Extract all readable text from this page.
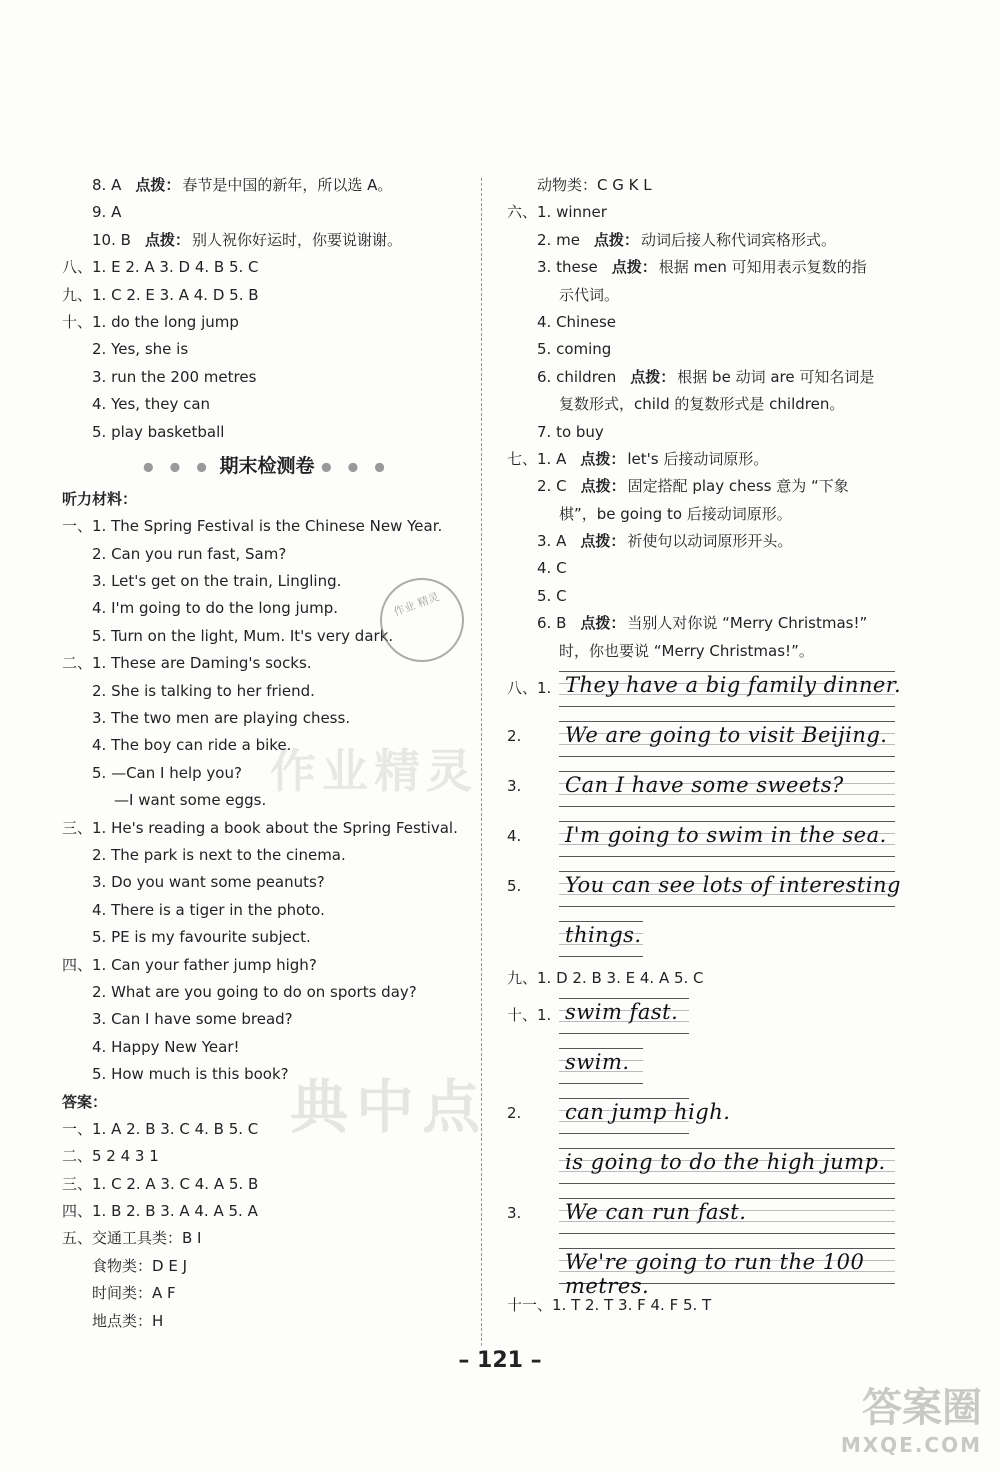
8. A 点拨： 春节是中国的新年，所以选 A。
9. A
10. B 点拨： 别人祝你好运时，你要说谢谢。
八、1. E 2. A 3. D 4. B 5. C
九、1. C 2. E 3. A 4. D 5. B
十、1. do the long jump
2. Yes, she is
3. run the 200 metres
4. Yes, they can
5. play basketball
● ● ● 期末检测卷 ● ● ●
听力材料：
一、1. The Spring Festival is the Chinese New Year.
2. Can you run fast, Sam?
3. Let's get on the train, Lingling.
4. I'm going to do the long jump.
5. Turn on the light, Mum. It's very dark.
二、1. These are Daming's socks.
2. She is talking to her friend.
3. The two men are playing chess.
4. The boy can ride a bike.
5. —Can I help you?
—I want some eggs.
三、1. He's reading a book about the Spring Festival.
2. The park is next to the cinema.
3. Do you want some peanuts?
4. There is a tiger in the photo.
5. PE is my favourite subject.
四、1. Can your father jump high?
2. What are you going to do on sports day?
3. Can I have some bread?
4. Happy New Year!
5. How much is this book?
答案：
一、1. A 2. B 3. C 4. B 5. C
二、5 2 4 3 1
三、1. C 2. A 3. C 4. A 5. B
四、1. B 2. B 3. A 4. A 5. A
五、交通工具类：B I
食物类：D E J
时间类：A F
地点类：H
动物类：C G K L
六、1. winner
2. me 点拨： 动词后接人称代词宾格形式。
3. these 点拨： 根据 men 可知用表示复数的指
示代词。
4. Chinese
5. coming
6. children 点拨： 根据 be 动词 are 可知名词是
复数形式，child 的复数形式是 children。
7. to buy
七、1. A 点拨： let's 后接动词原形。
2. C 点拨： 固定搭配 play chess 意为 “下象
棋”，be going to 后接动词原形。
3. A 点拨： 祈使句以动词原形开头。
4. C
5. C
6. B 点拨： 当别人对你说 “Merry Christmas!”
时，你也要说 “Merry Christmas!”。
八、1. They have a big family dinner.
2. We are going to visit Beijing.
3. Can I have some sweets?
4. I'm going to swim in the sea.
5. You can see lots of interesting
things.
九、1. D 2. B 3. E 4. A 5. C
十、1. swim fast.
swim.
2. can jump high.
is going to do the high jump.
3. We can run fast.
We're going to run the 100 metres.
十一、1. T 2. T 3. F 4. F 5. T

作业 精灵
作业精灵
典中点
– 121 –
答案圈
MXQE.COM
